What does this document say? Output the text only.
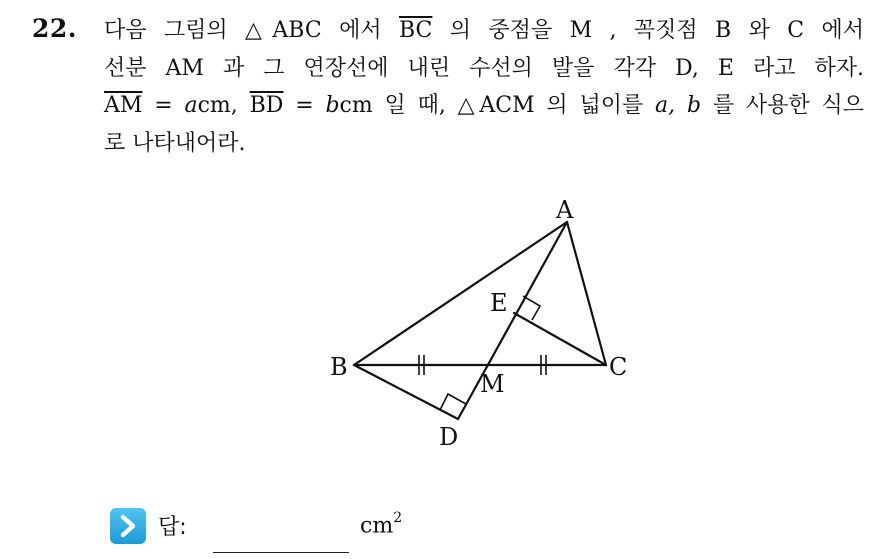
22. 다음 그림의 △ABC 에서 $\overline{BC}$ 의 중점을 M , 꼭짓점 B 와 C 에서
선분 AM 과 그 연장선에 내린 수선의 발을 각각 D, E 라고 하자.
$\overline{AM}$ = acm, $\overline{BD}$ = bcm 일 때, △ACM 의 넓이를 a, b 를 사용한 식으
로 나타내어라.
A
B	C
M
D
E
답:	$cm^2$
